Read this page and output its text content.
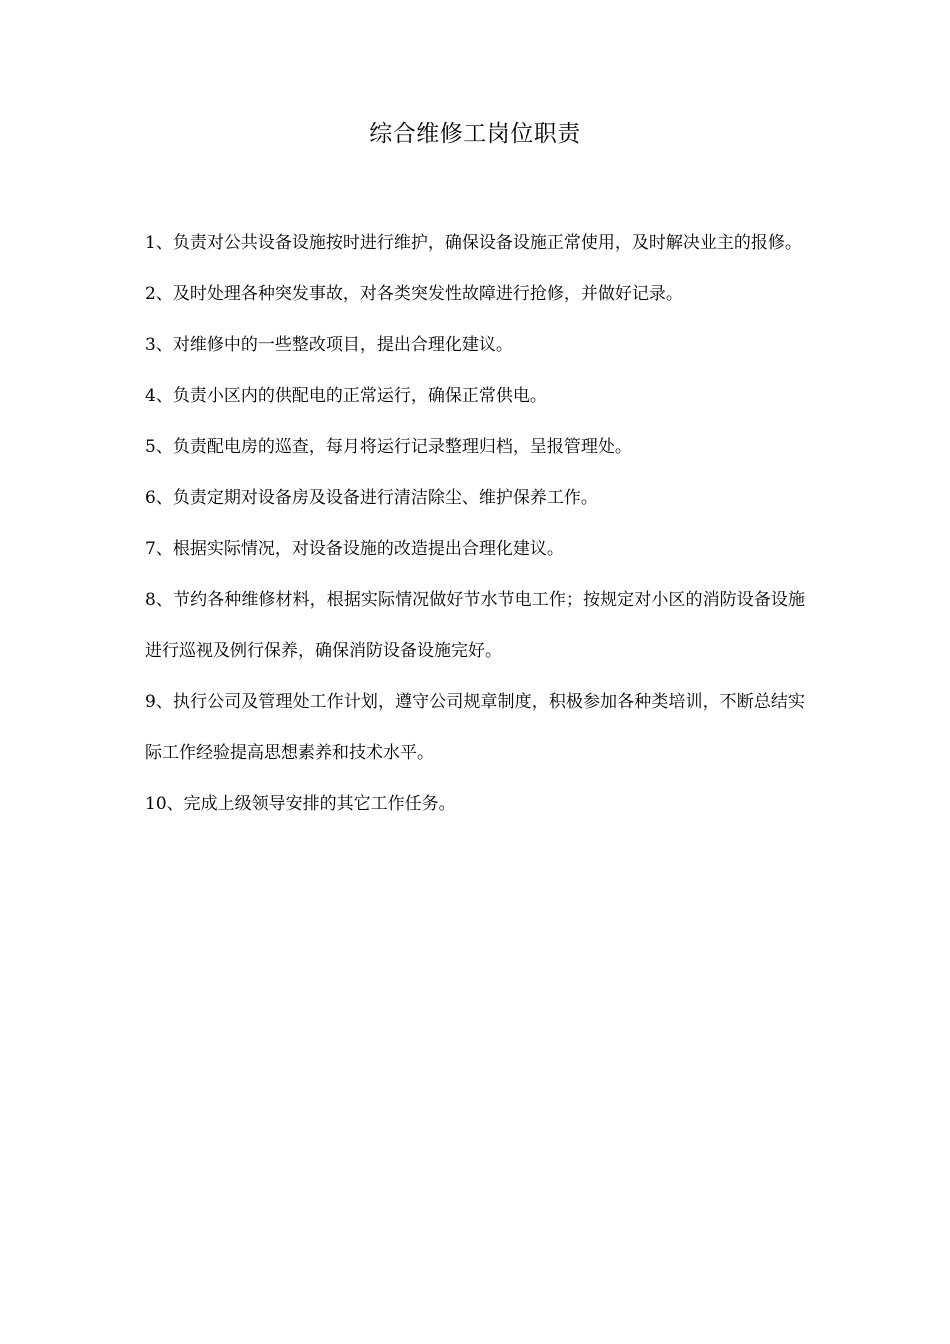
综合维修工岗位职责
1、负责对公共设备设施按时进行维护，确保设备设施正常使用，及时解决业主的报修。
2、及时处理各种突发事故，对各类突发性故障进行抢修，并做好记录。
3、对维修中的一些整改项目，提出合理化建议。
4、负责小区内的供配电的正常运行，确保正常供电。
5、负责配电房的巡查，每月将运行记录整理归档，呈报管理处。
6、负责定期对设备房及设备进行清洁除尘、维护保养工作。
7、根据实际情况，对设备设施的改造提出合理化建议。
8、节约各种维修材料，根据实际情况做好节水节电工作；按规定对小区的消防设备设施进行巡视及例行保养，确保消防设备设施完好。
9、执行公司及管理处工作计划，遵守公司规章制度，积极参加各种类培训，不断总结实际工作经验提高思想素养和技术水平。
10、完成上级领导安排的其它工作任务。
